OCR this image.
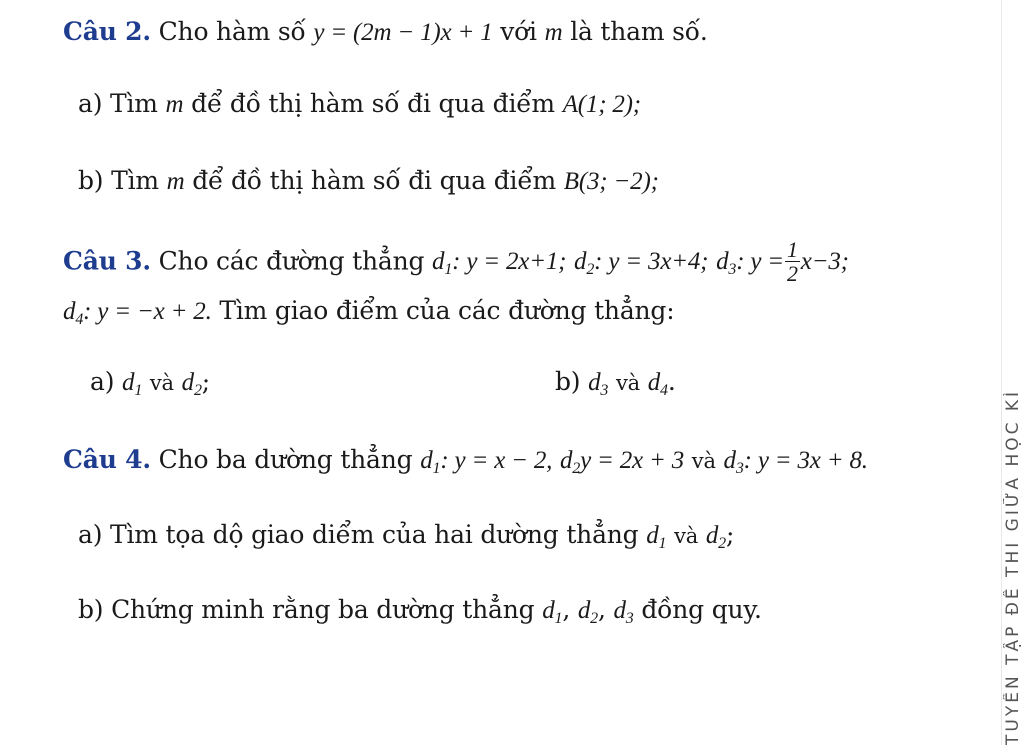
Câu 2. Cho hàm số y = (2m − 1)x + 1 với m là tham số.
a) Tìm m để đồ thị hàm số đi qua điểm A(1; 2);
b) Tìm m để đồ thị hàm số đi qua điểm B(3; −2);
Câu 3. Cho các đường thẳng $d_1$: y = 2x+1; $d_2$: y = 3x+4; $d_3$: $y = \frac{1}{2} x-3$;
$d_4$: y = −x + 2. Tìm giao điểm của các đường thẳng:
a) $d_1$ và $d_2$;	b) $d_3$ và $d_4$.
Câu 4. Cho ba dường thẳng $d_1$: y = x − 2, $d_2y = 2x + 3$ và $d_3$: y = 3x + 8.
a) Tìm tọa dộ giao diểm của hai dường thẳng $d_1$ và $d_2$;
b) Chứng minh rằng ba dường thẳng $d_1$, $d_2$, $d_3$ đồng quy.	TUYỂN TẬP ĐỀ THI GIỮA HỌC KÌ
